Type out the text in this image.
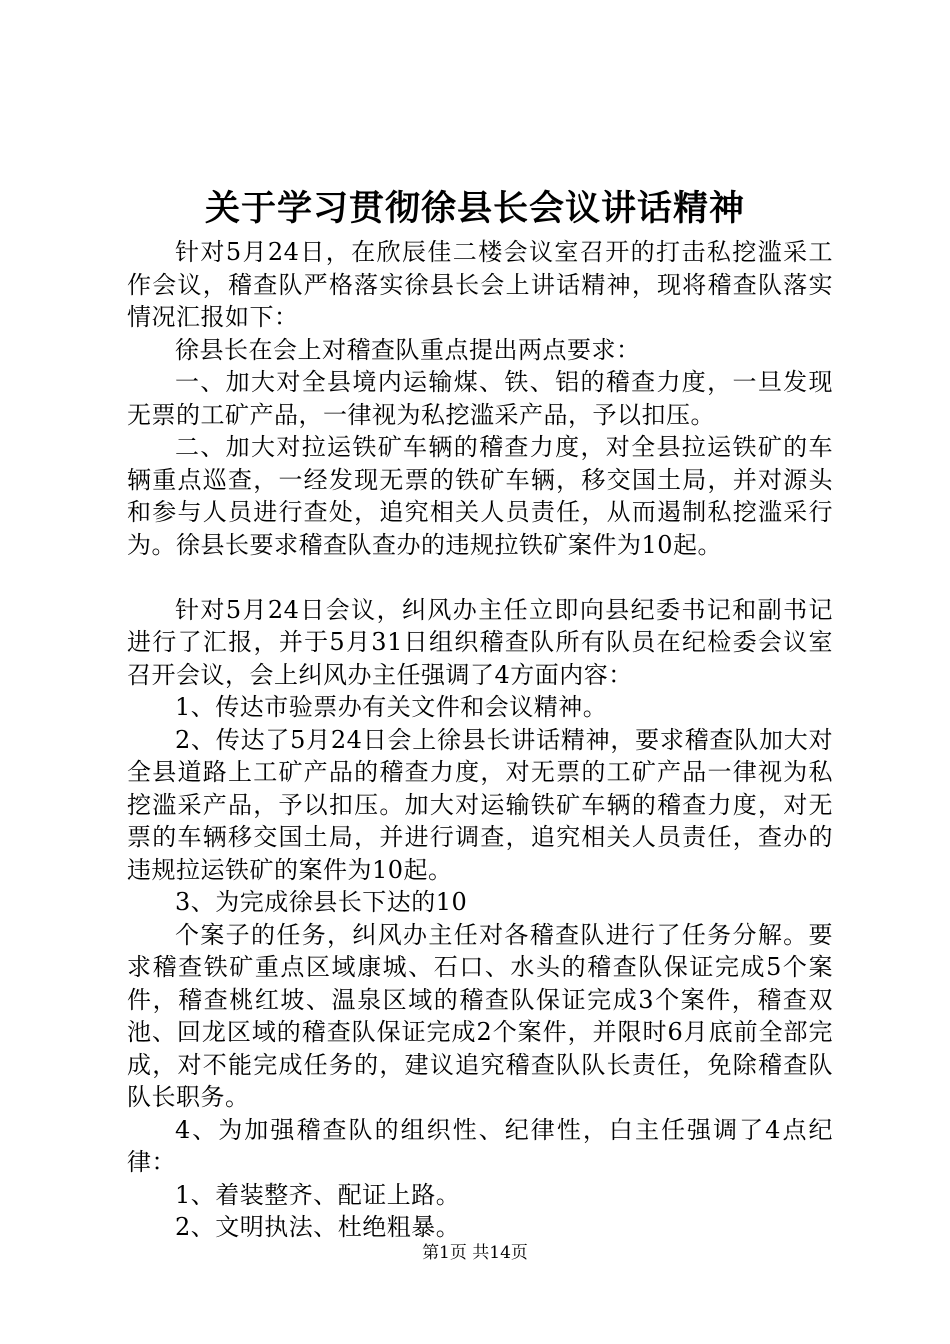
关于学习贯彻徐县长会议讲话精神

针对5月24日，在欣辰佳二楼会议室召开的打击私挖滥采工作会议，稽查队严格落实徐县长会上讲话精神，现将稽查队落实情况汇报如下：

徐县长在会上对稽查队重点提出两点要求：

一、加大对全县境内运输煤、铁、铝的稽查力度，一旦发现无票的工矿产品，一律视为私挖滥采产品，予以扣压。

二、加大对拉运铁矿车辆的稽查力度，对全县拉运铁矿的车辆重点巡查，一经发现无票的铁矿车辆，移交国土局，并对源头和参与人员进行查处，追究相关人员责任，从而遏制私挖滥采行为。徐县长要求稽查队查办的违规拉铁矿案件为10起。

针对5月24日会议，纠风办主任立即向县纪委书记和副书记进行了汇报，并于5月31日组织稽查队所有队员在纪检委会议室召开会议，会上纠风办主任强调了4方面内容：

1、传达市验票办有关文件和会议精神。

2、传达了5月24日会上徐县长讲话精神，要求稽查队加大对全县道路上工矿产品的稽查力度，对无票的工矿产品一律视为私挖滥采产品，予以扣压。加大对运输铁矿车辆的稽查力度，对无票的车辆移交国土局，并进行调查，追究相关人员责任，查办的违规拉运铁矿的案件为10起。

3、为完成徐县长下达的10

个案子的任务，纠风办主任对各稽查队进行了任务分解。要求稽查铁矿重点区域康城、石口、水头的稽查队保证完成5个案件，稽查桃红坡、温泉区域的稽查队保证完成3个案件，稽查双池、回龙区域的稽查队保证完成2个案件，并限时6月底前全部完成，对不能完成任务的，建议追究稽查队队长责任，免除稽查队队长职务。

4、为加强稽查队的组织性、纪律性，白主任强调了4点纪律：

1、着装整齐、配证上路。

2、文明执法、杜绝粗暴。

第1页 共14页
